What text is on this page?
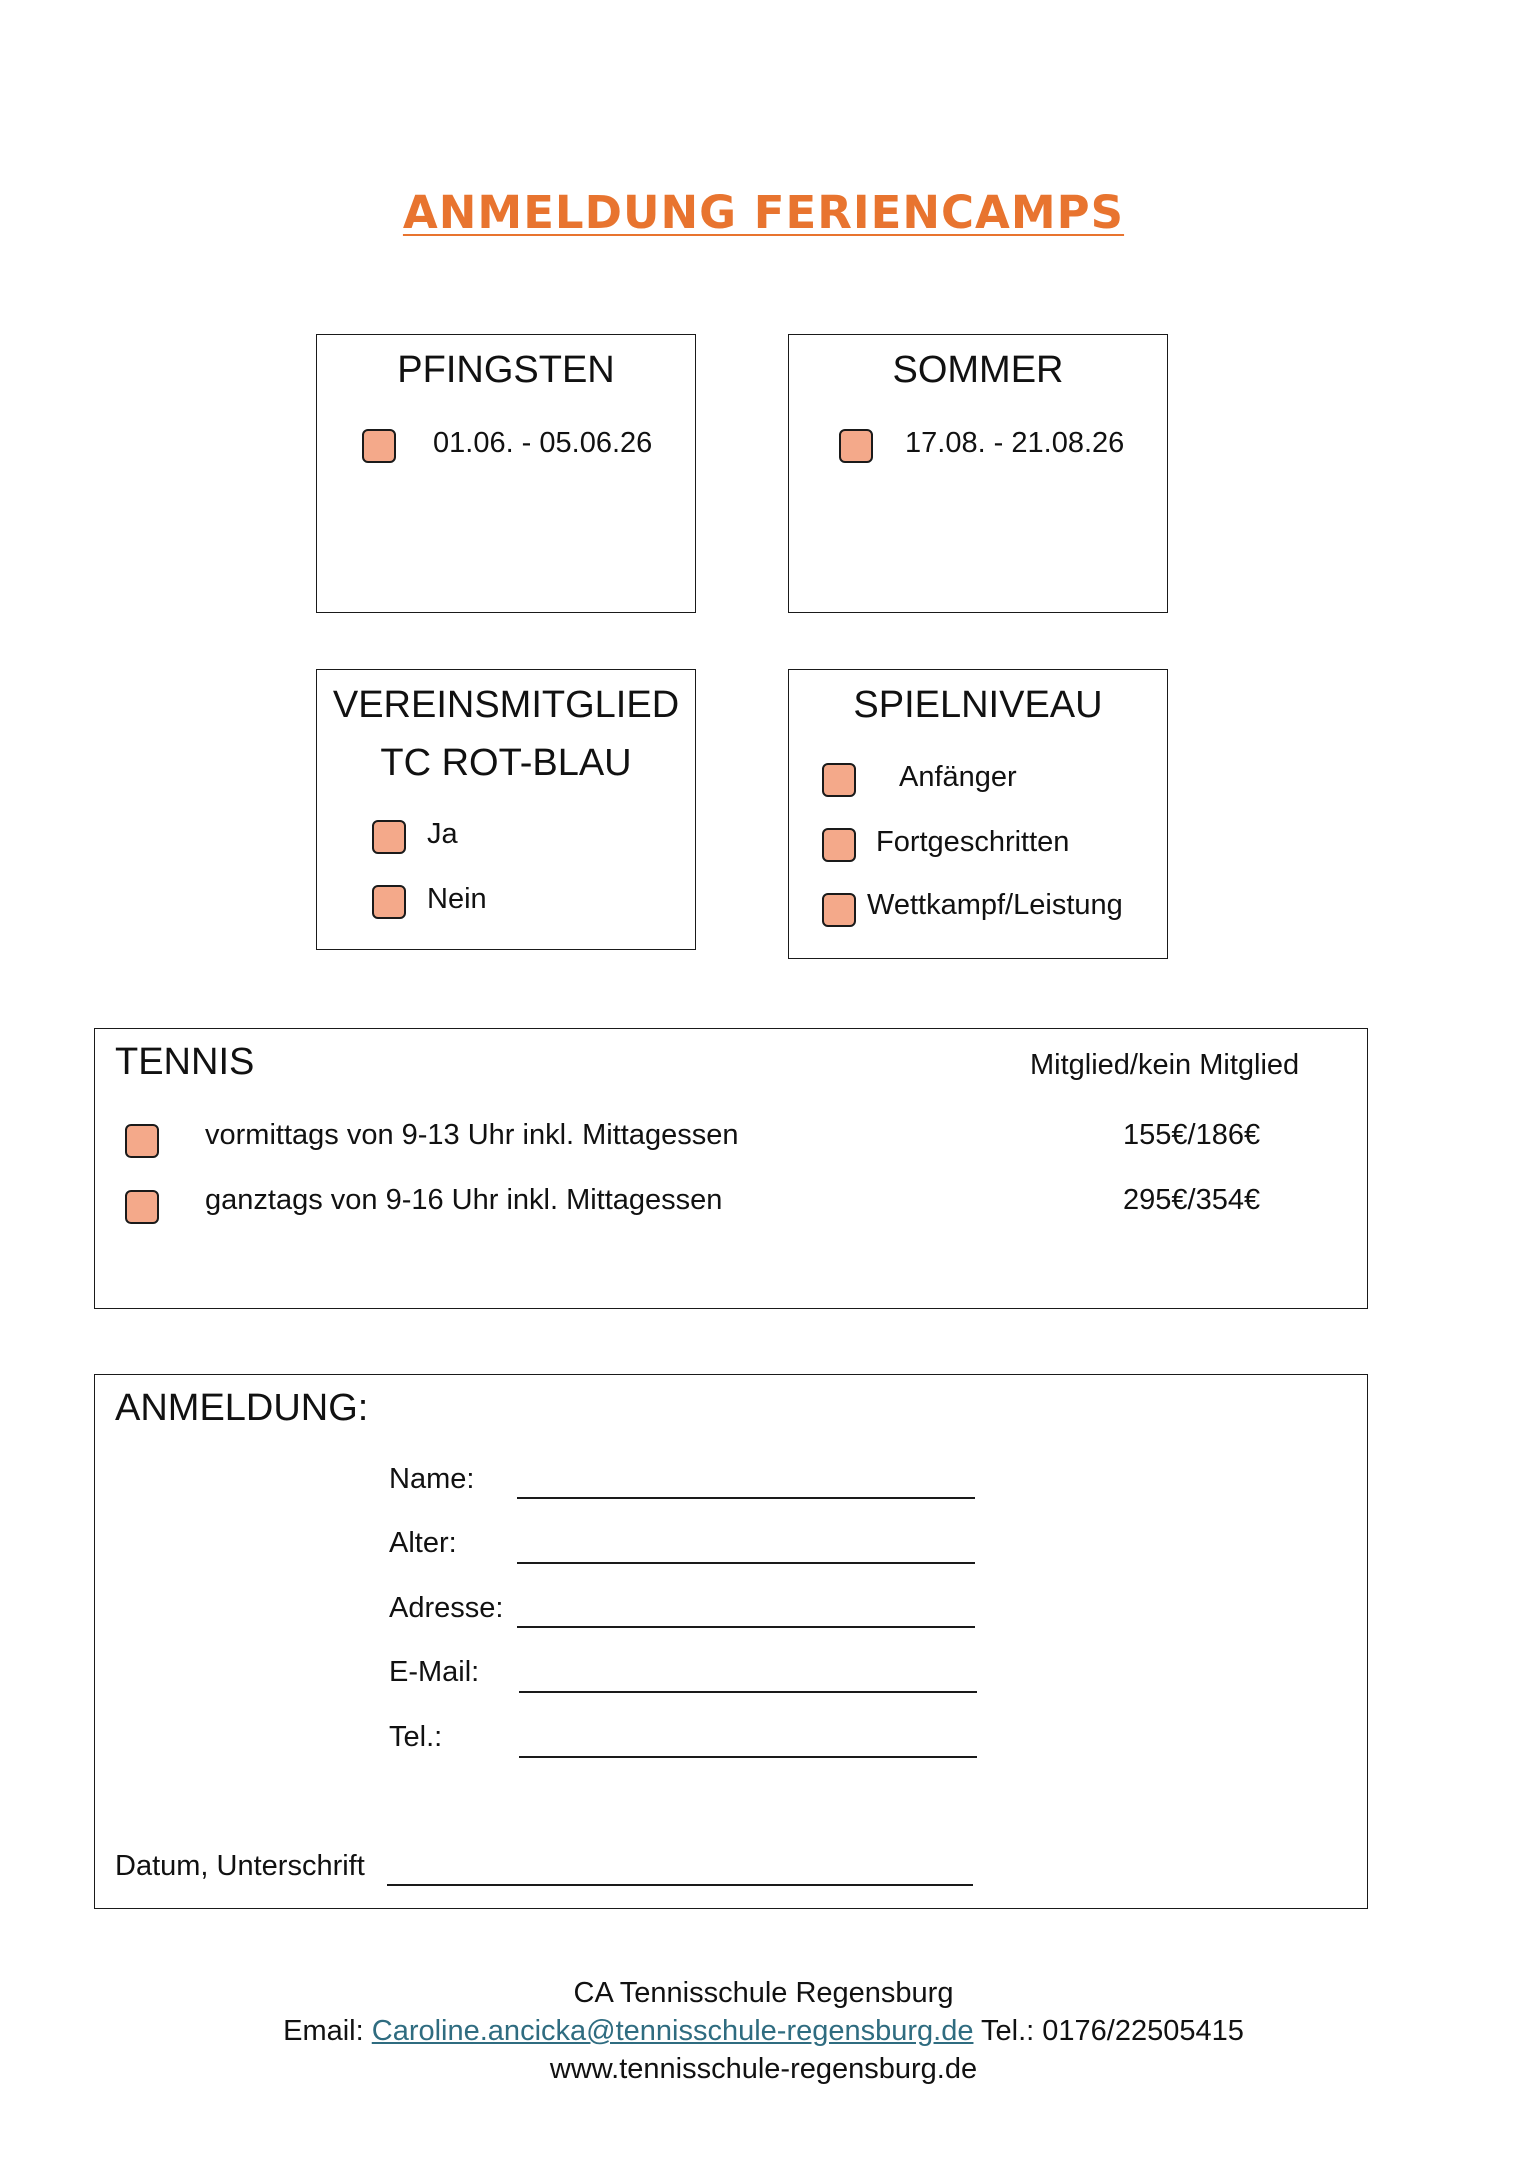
ANMELDUNG FERIENCAMPS
PFINGSTEN
01.06. - 05.06.26
SOMMER
17.08. - 21.08.26
VEREINSMITGLIED
TC ROT-BLAU
Ja
Nein
SPIELNIVEAU
Anfänger
Fortgeschritten
Wettkampf/Leistung
TENNIS	Mitglied/kein Mitglied
vormittags von 9-13 Uhr inkl. Mittagessen	155€/186€
ganztags von 9-16 Uhr inkl. Mittagessen	295€/354€
ANMELDUNG:
Name:
Alter:
Adresse:
E-Mail:
Tel.:
Datum, Unterschrift
CA Tennisschule Regensburg
Email: Caroline.ancicka@tennisschule-regensburg.de Tel.: 0176/22505415
www.tennisschule-regensburg.de
